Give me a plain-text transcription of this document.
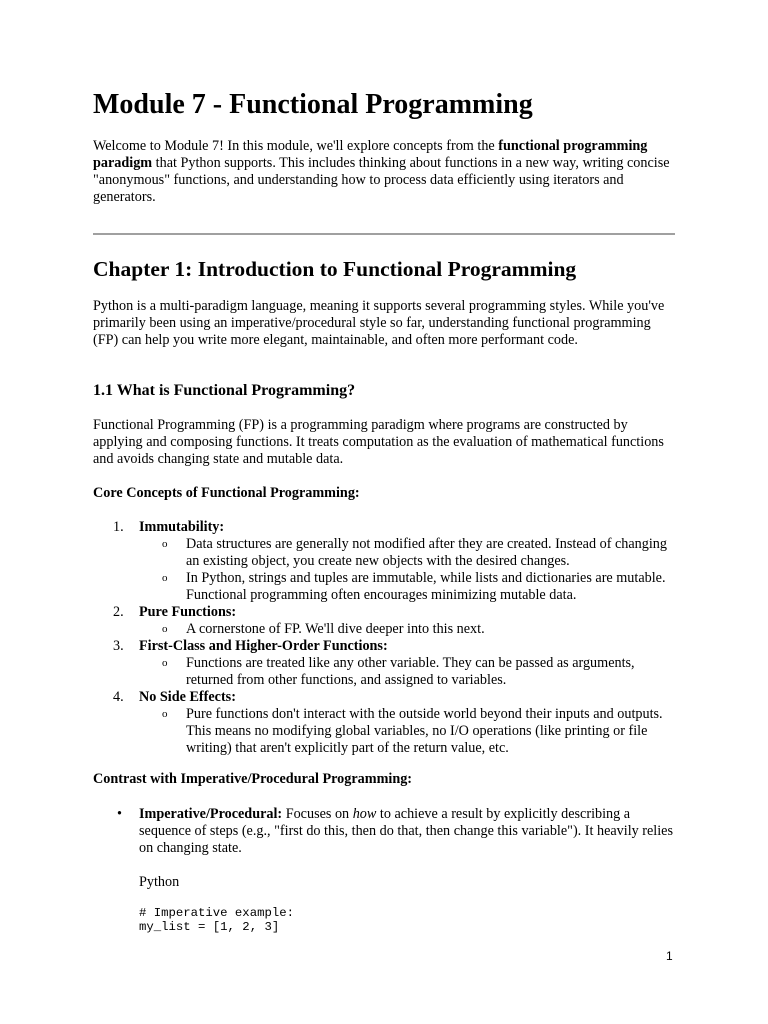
Module 7 - Functional Programming

Welcome to Module 7! In this module, we'll explore concepts from the functional programming paradigm that Python supports. This includes thinking about functions in a new way, writing concise "anonymous" functions, and understanding how to process data efficiently using iterators and generators.

Chapter 1: Introduction to Functional Programming

Python is a multi-paradigm language, meaning it supports several programming styles. While you've primarily been using an imperative/procedural style so far, understanding functional programming (FP) can help you write more elegant, maintainable, and often more performant code.

1.1 What is Functional Programming?

Functional Programming (FP) is a programming paradigm where programs are constructed by applying and composing functions. It treats computation as the evaluation of mathematical functions and avoids changing state and mutable data.

Core Concepts of Functional Programming:

1. Immutability:
o Data structures are generally not modified after they are created. Instead of changing an existing object, you create new objects with the desired changes.
o In Python, strings and tuples are immutable, while lists and dictionaries are mutable. Functional programming often encourages minimizing mutable data.
2. Pure Functions:
o A cornerstone of FP. We'll dive deeper into this next.
3. First-Class and Higher-Order Functions:
o Functions are treated like any other variable. They can be passed as arguments, returned from other functions, and assigned to variables.
4. No Side Effects:
o Pure functions don't interact with the outside world beyond their inputs and outputs. This means no modifying global variables, no I/O operations (like printing or file writing) that aren't explicitly part of the return value, etc.

Contrast with Imperative/Procedural Programming:

• Imperative/Procedural: Focuses on how to achieve a result by explicitly describing a sequence of steps (e.g., "first do this, then do that, then change this variable"). It heavily relies on changing state.

Python

# Imperative example:
my_list = [1, 2, 3]
1
